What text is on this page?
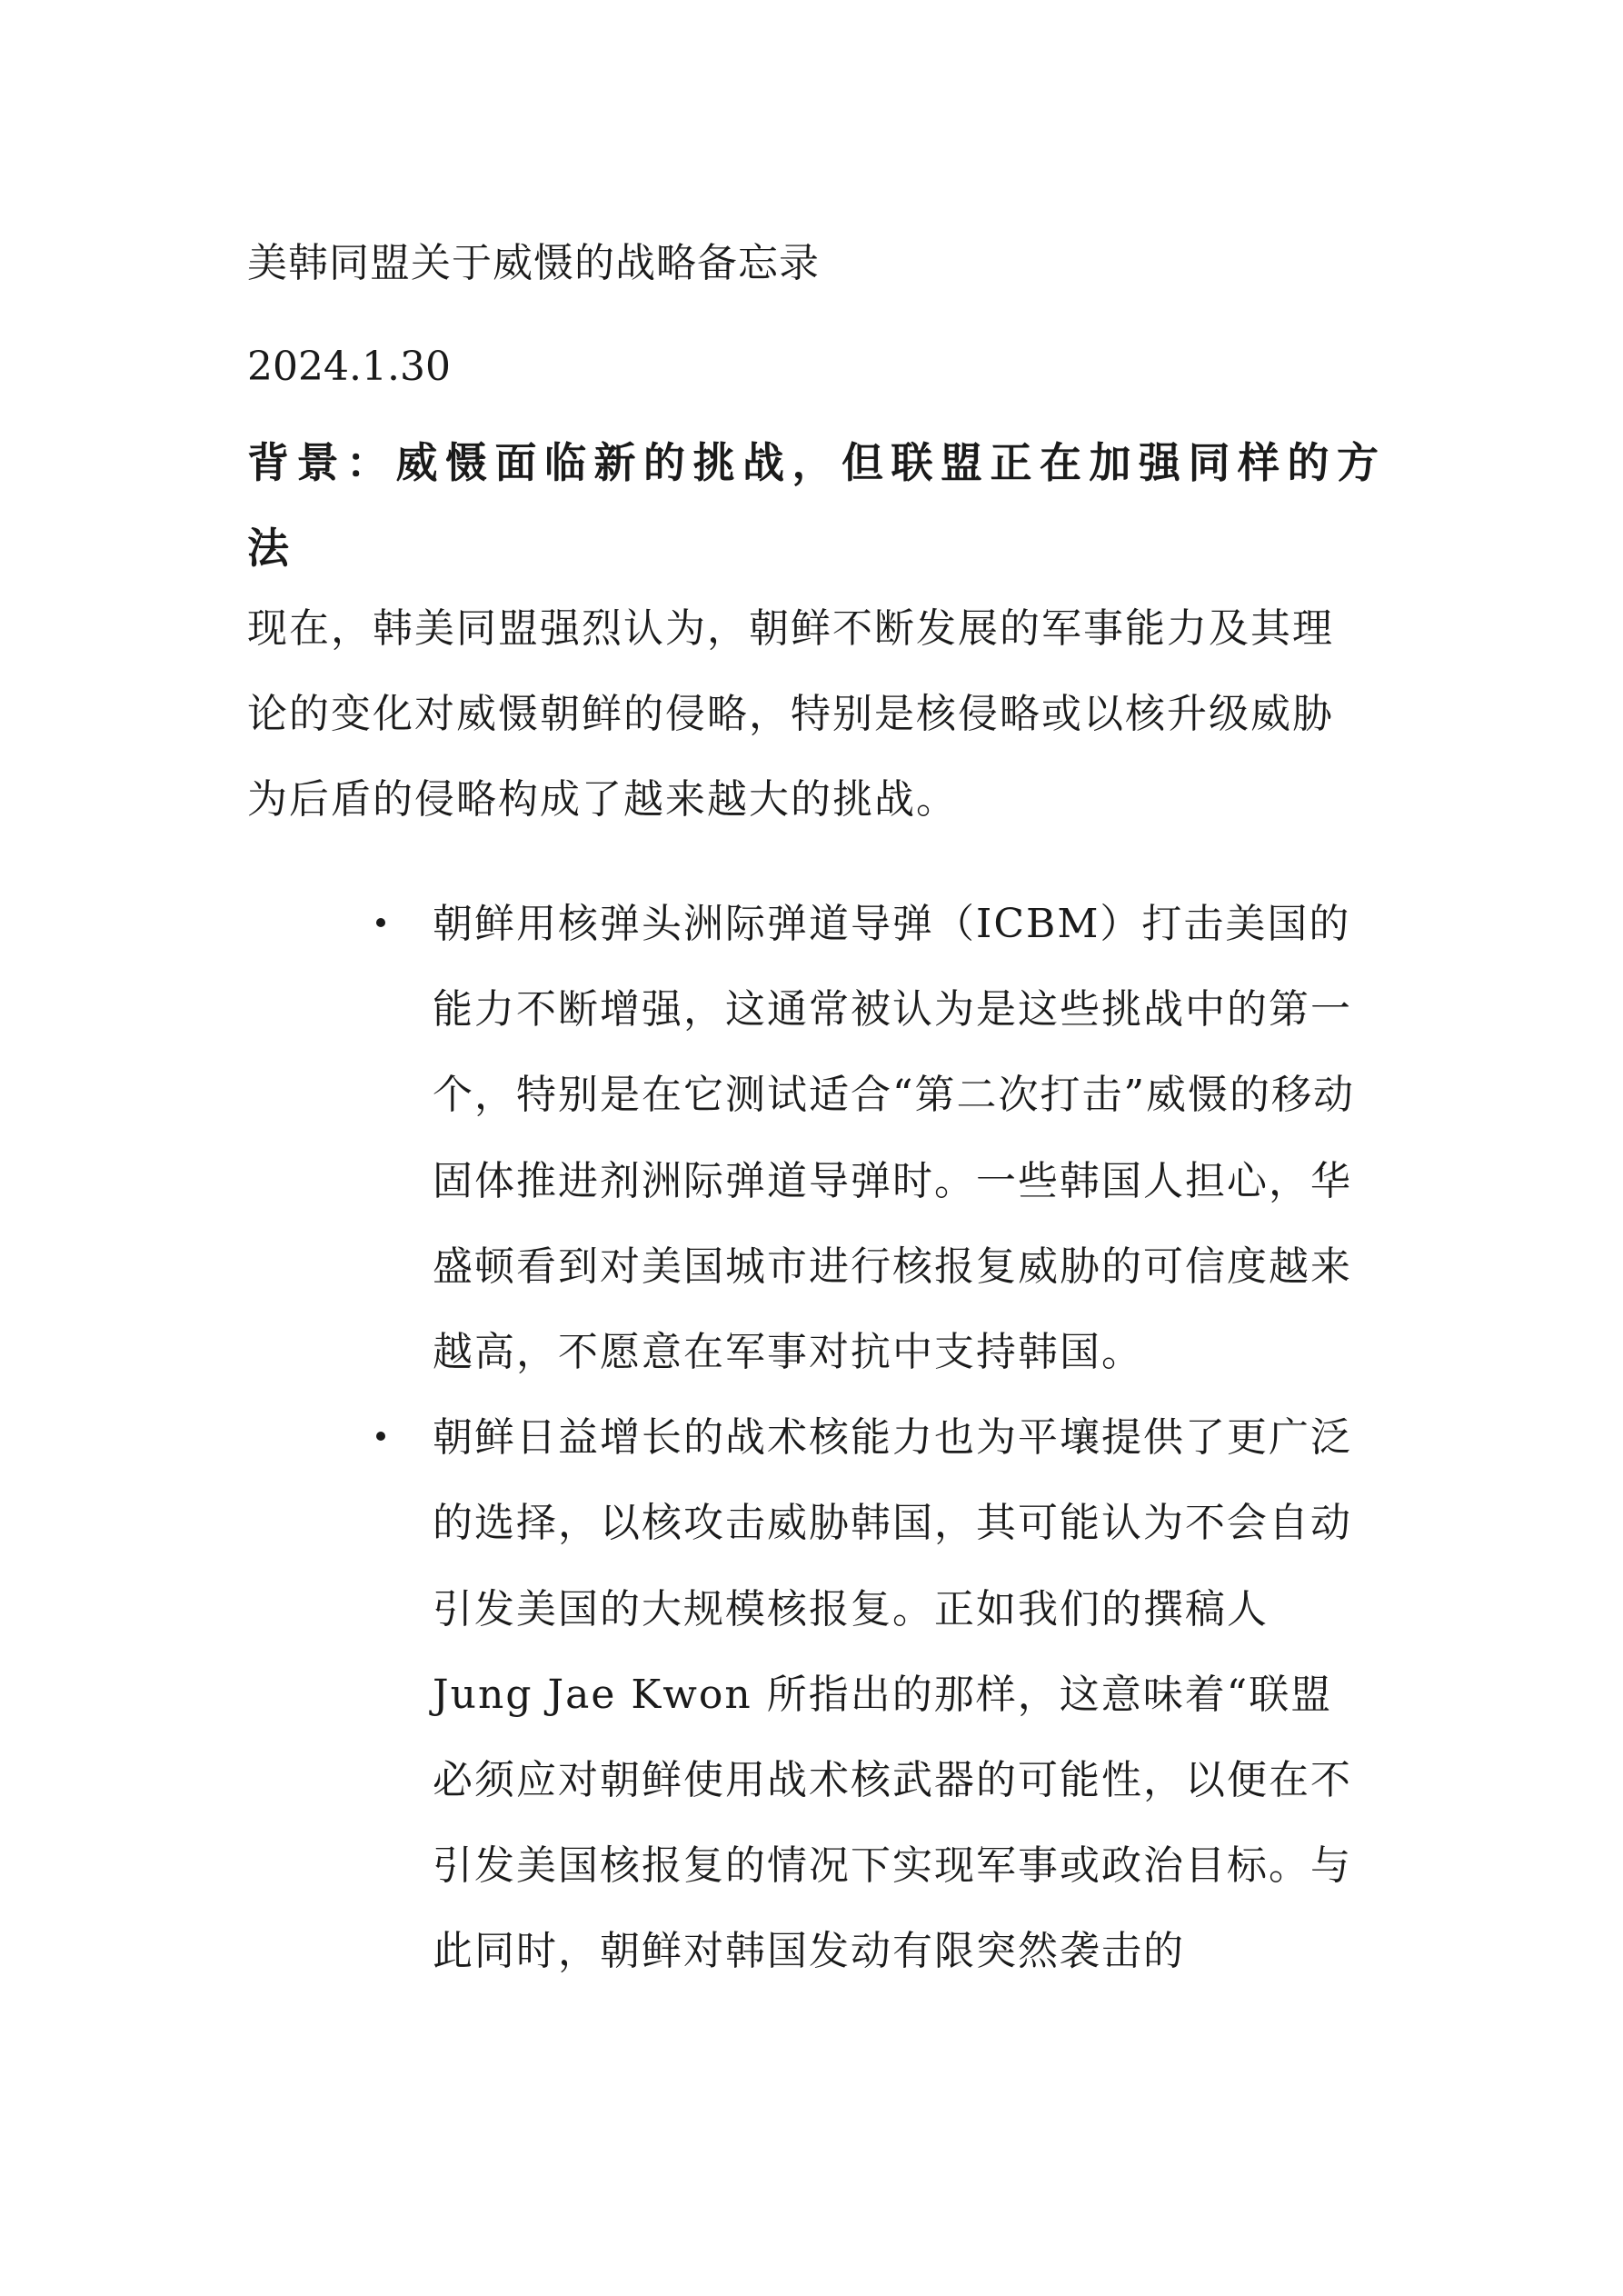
美韩同盟关于威慑的战略备忘录
2024.1.30
背景：威慑面临新的挑战，但联盟正在加强同样的方法
现在，韩美同盟强烈认为，朝鲜不断发展的军事能力及其理论的变化对威慑朝鲜的侵略，特别是核侵略或以核升级威胁为后盾的侵略构成了越来越大的挑战。
朝鲜用核弹头洲际弹道导弹（ICBM）打击美国的能力不断增强，这通常被认为是这些挑战中的第一个，特别是在它测试适合“第二次打击”威慑的移动固体推进剂洲际弹道导弹时。一些韩国人担心，华盛顿看到对美国城市进行核报复威胁的可信度越来越高，不愿意在军事对抗中支持韩国。
朝鲜日益增长的战术核能力也为平壤提供了更广泛的选择，以核攻击威胁韩国，其可能认为不会自动引发美国的大规模核报复。正如我们的撰稿人 Jung Jae Kwon 所指出的那样，这意味着“联盟必须应对朝鲜使用战术核武器的可能性，以便在不引发美国核报复的情况下实现军事或政治目标。与此同时，朝鲜对韩国发动有限突然袭击的
